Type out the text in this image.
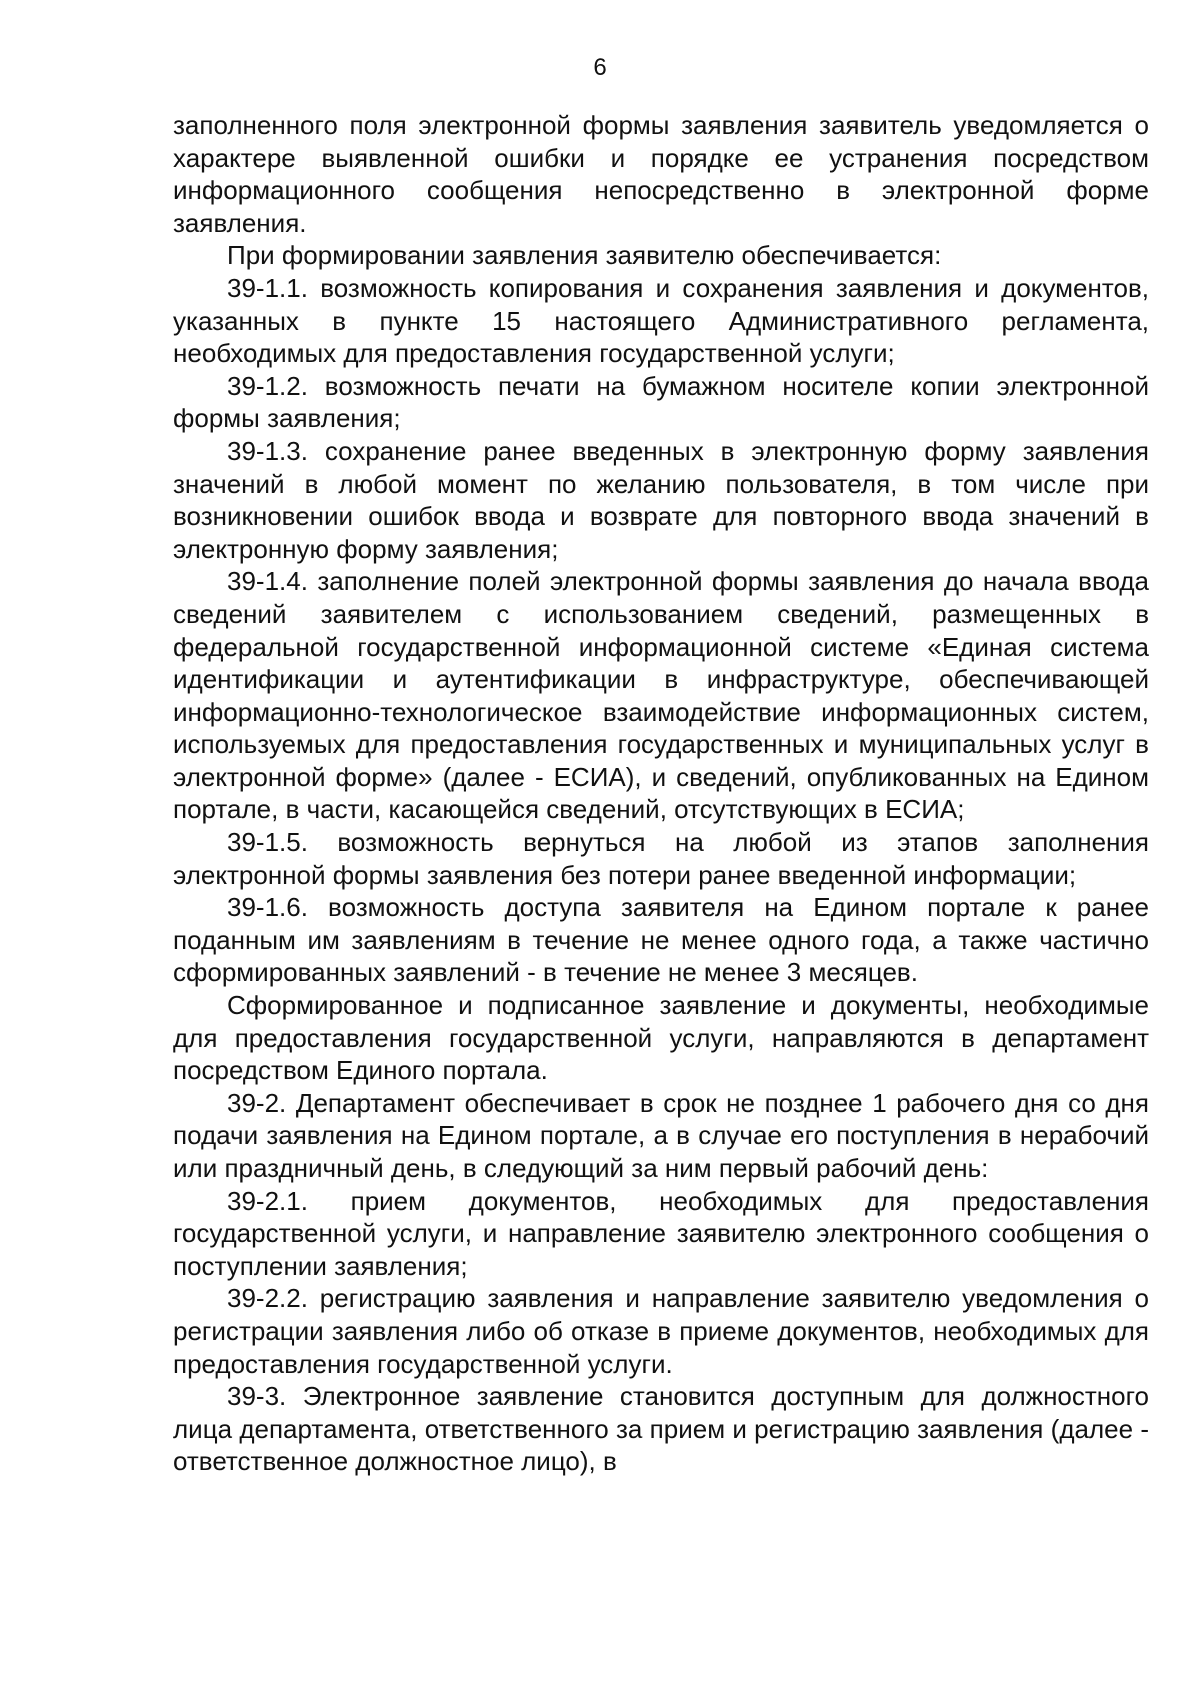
6

заполненного поля электронной формы заявления заявитель уведомляется о характере выявленной ошибки и порядке ее устранения посредством информационного сообщения непосредственно в электронной форме заявления.

При формировании заявления заявителю обеспечивается:

39-1.1. возможность копирования и сохранения заявления и документов, указанных в пункте 15 настоящего Административного регламента, необходимых для предоставления государственной услуги;

39-1.2. возможность печати на бумажном носителе копии электронной формы заявления;

39-1.3. сохранение ранее введенных в электронную форму заявления значений в любой момент по желанию пользователя, в том числе при возникновении ошибок ввода и возврате для повторного ввода значений в электронную форму заявления;

39-1.4. заполнение полей электронной формы заявления до начала ввода сведений заявителем с использованием сведений, размещенных в федеральной государственной информационной системе «Единая система идентификации и аутентификации в инфраструктуре, обеспечивающей информационно-технологическое взаимодействие информационных систем, используемых для предоставления государственных и муниципальных услуг в электронной форме» (далее - ЕСИА), и сведений, опубликованных на Едином портале, в части, касающейся сведений, отсутствующих в ЕСИА;

39-1.5. возможность вернуться на любой из этапов заполнения электронной формы заявления без потери ранее введенной информации;

39-1.6. возможность доступа заявителя на Едином портале к ранее поданным им заявлениям в течение не менее одного года, а также частично сформированных заявлений - в течение не менее 3 месяцев.

Сформированное и подписанное заявление и документы, необходимые для предоставления государственной услуги, направляются в департамент посредством Единого портала.

39-2. Департамент обеспечивает в срок не позднее 1 рабочего дня со дня подачи заявления на Едином портале, а в случае его поступления в нерабочий или праздничный день, в следующий за ним первый рабочий день:

39-2.1. прием документов, необходимых для предоставления государственной услуги, и направление заявителю электронного сообщения о поступлении заявления;

39-2.2. регистрацию заявления и направление заявителю уведомления о регистрации заявления либо об отказе в приеме документов, необходимых для предоставления государственной услуги.

39-3. Электронное заявление становится доступным для должностного лица департамента, ответственного за прием и регистрацию заявления (далее - ответственное должностное лицо), в
